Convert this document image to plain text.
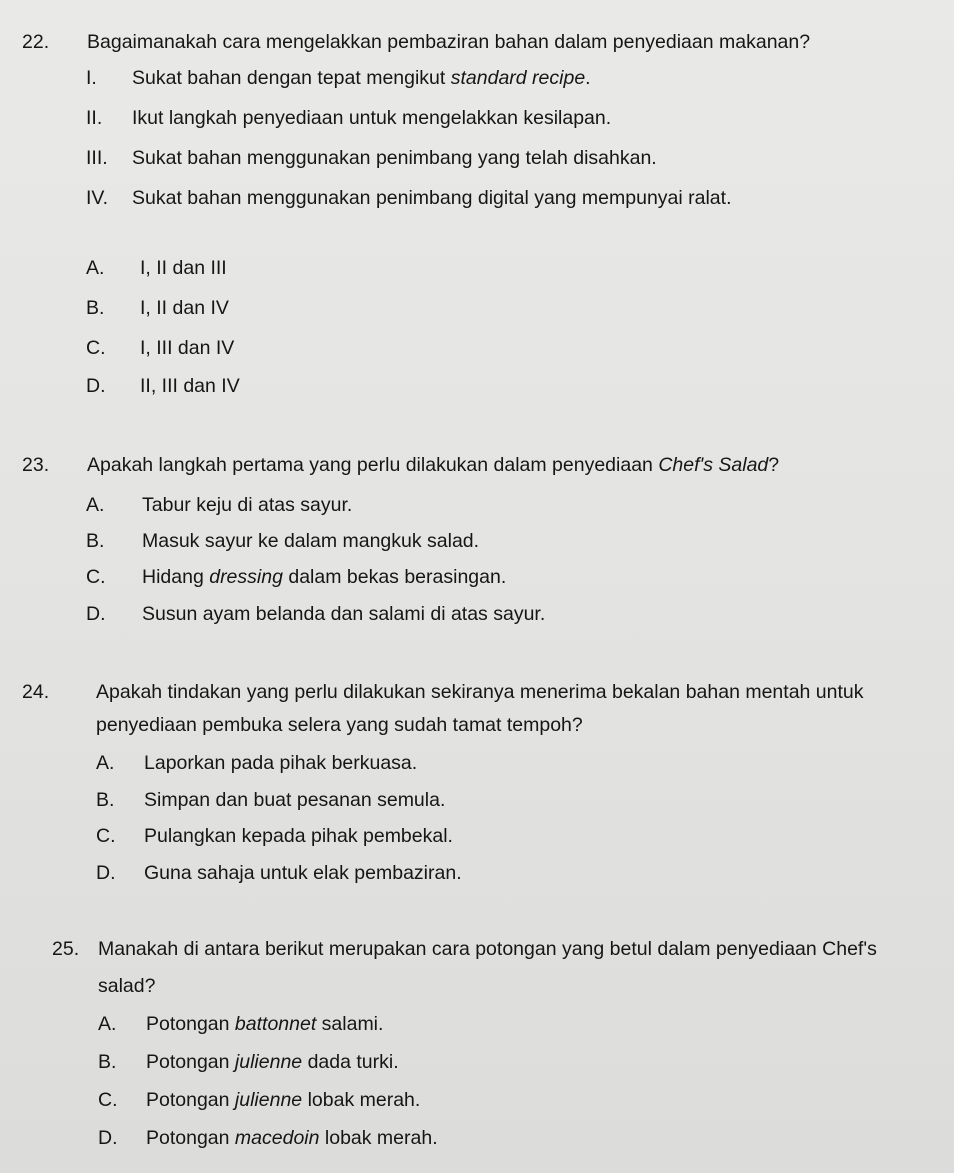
22. Bagaimanakah cara mengelakkan pembaziran bahan dalam penyediaan makanan?
I. Sukat bahan dengan tepat mengikut standard recipe.
II. Ikut langkah penyediaan untuk mengelakkan kesilapan.
III. Sukat bahan menggunakan penimbang yang telah disahkan.
IV. Sukat bahan menggunakan penimbang digital yang mempunyai ralat.
A. I, II dan III
B. I, II dan IV
C. I, III dan IV
D. II, III dan IV
23. Apakah langkah pertama yang perlu dilakukan dalam penyediaan Chef's Salad?
A. Tabur keju di atas sayur.
B. Masuk sayur ke dalam mangkuk salad.
C. Hidang dressing dalam bekas berasingan.
D. Susun ayam belanda dan salami di atas sayur.
24. Apakah tindakan yang perlu dilakukan sekiranya menerima bekalan bahan mentah untuk
penyediaan pembuka selera yang sudah tamat tempoh?
A. Laporkan pada pihak berkuasa.
B. Simpan dan buat pesanan semula.
C. Pulangkan kepada pihak pembekal.
D. Guna sahaja untuk elak pembaziran.
25. Manakah di antara berikut merupakan cara potongan yang betul dalam penyediaan Chef's
salad?
A. Potongan battonnet salami.
B. Potongan julienne dada turki.
C. Potongan julienne lobak merah.
D. Potongan macedoin lobak merah.
